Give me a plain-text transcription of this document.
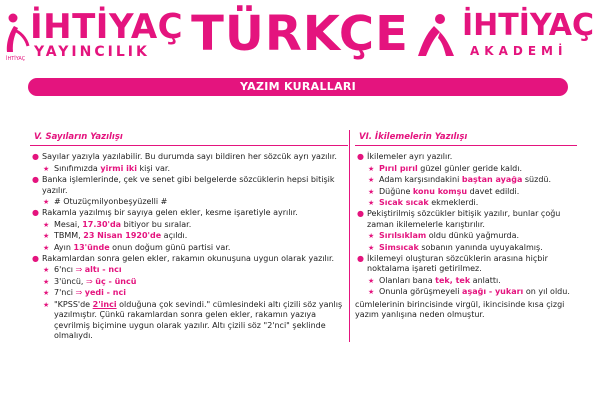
İHTİYAÇ
YAYINCILIK
İHTİYAÇ	TÜRKÇE İHTİYAÇ
AKADEMİ
YAZIM KURALLARI
V. Sayıların Yazılışı
● Sayılar yazıyla yazılabilir. Bu durumda sayı bildiren her sözcük ayrı yazılır.
★ Sınıfımızda yirmi iki kişi var.
● Banka işlemlerinde, çek ve senet gibi belgelerde sözcüklerin hepsi bitişik yazılır.
★ # Otuzüçmilyonbeşyüzelli #
● Rakamla yazılmış bir sayıya gelen ekler, kesme işaretiyle ayrılır.
★ Mesai, 17.30'da bitiyor bu sıralar.
★ TBMM, 23 Nisan 1920'de açıldı.
★ Ayın 13'ünde onun doğum günü partisi var.
● Rakamlardan sonra gelen ekler, rakamın okunuşuna uygun olarak yazılır.
★ 6'ncı ⇒ altı - ncı
★ 3'üncü, ⇒ üç - üncü
★ 7'nci ⇒ yedi - nci
★ "KPSS'de 2'inci olduğuna çok sevindi." cümlesindeki altı çizili söz yanlış yazılmıştır. Çünkü rakamlardan sonra gelen ekler, rakamın yazıya çevrilmiş biçimine uygun olarak yazılır. Altı çizili söz "2'nci" şeklinde olmalıydı.
VI. İkilemelerin Yazılışı
● İkilemeler ayrı yazılır.
★ Pırıl pırıl güzel günler geride kaldı.
★ Adam karşısındakini baştan ayağa süzdü.
★ Düğüne konu komşu davet edildi.
★ Sıcak sıcak ekmeklerdi.
● Pekiştirilmiş sözcükler bitişik yazılır, bunlar çoğu zaman ikilemelerle karıştırılır.
★ Sırılsıklam oldu dünkü yağmurda.
★ Simsıcak sobanın yanında uyuyakalmış.
● İkilemeyi oluşturan sözcüklerin arasına hiçbir noktalama işareti getirilmez.
★ Olanları bana tek, tek anlattı.
★ Onunla görüşmeyeli aşağı - yukarı on yıl oldu.
cümlelerinin birincisinde virgül, ikincisinde kısa çizgi yazım yanlışına neden olmuştur.
